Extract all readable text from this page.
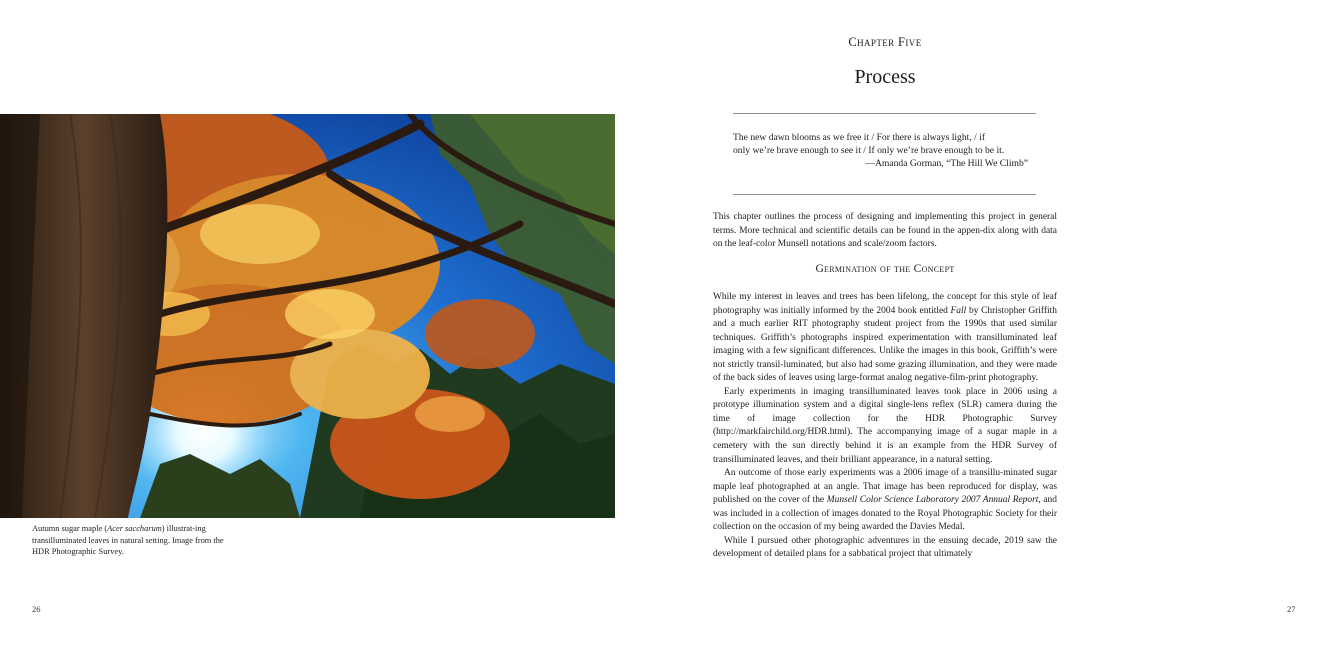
Autumn sugar maple (Acer saccharum) illustrat-ing transilluminated leaves in natural setting. Image from the HDR Photographic Survey.

26
Chapter Five
Process

The new dawn blooms as we free it / For there is always light, / if

only we’re brave enough to see it / If only we’re brave enough to be it.

—Amanda Gorman, “The Hill We Climb”

This chapter outlines the process of designing and implementing this project in general terms. More technical and scientific details can be found in the appen-dix along with data on the leaf-color Munsell notations and scale/zoom factors.

Germination of the Concept

While my interest in leaves and trees has been lifelong, the concept for this style of leaf photography was initially informed by the 2004 book entitled Fall by Christopher Griffith and a much earlier RIT photography student project from the 1990s that used similar techniques. Griffith’s photographs inspired experimentation with transilluminated leaf imaging with a few significant differences. Unlike the images in this book, Griffith’s were not strictly transil-luminated, but also had some grazing illumination, and they were made of the back sides of leaves using large-format analog negative-film-print photography.

Early experiments in imaging transilluminated leaves took place in 2006 using a prototype illumination system and a digital single-lens reflex (SLR) camera during the time of image collection for the HDR Photographic Survey (http://markfairchild.org/HDR.html). The accompanying image of a sugar maple in a cemetery with the sun directly behind it is an example from the HDR Survey of transilluminated leaves, and their brilliant appearance, in a natural setting.

An outcome of those early experiments was a 2006 image of a transillu-minated sugar maple leaf photographed at an angle. That image has been reproduced for display, was published on the cover of the Munsell Color Science Laboratory 2007 Annual Report, and was included in a collection of images donated to the Royal Photographic Society for their collection on the occasion of my being awarded the Davies Medal.

While I pursued other photographic adventures in the ensuing decade, 2019 saw the development of detailed plans for a sabbatical project that ultimately

27
